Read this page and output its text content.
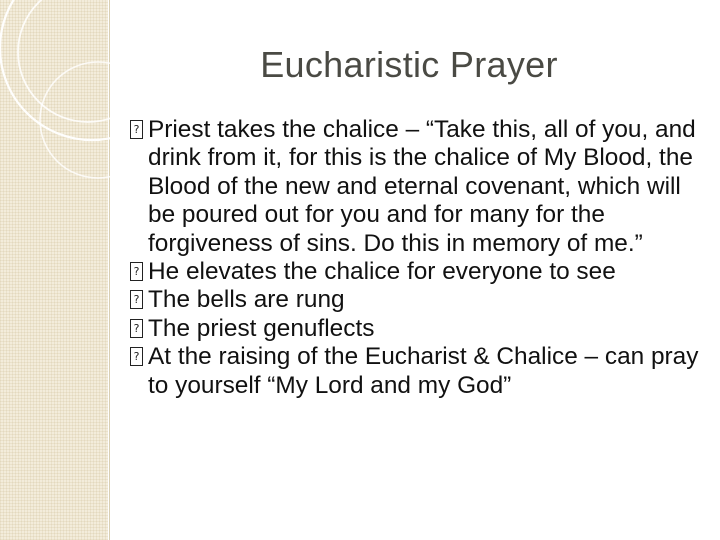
Eucharistic Prayer
?
Priest takes the chalice – “Take this, all of you, and drink from it, for this is the chalice of My Blood, the Blood of the new and eternal covenant, which will be poured out for you and for many for the forgiveness of sins. Do this in memory of me.”
?
He elevates the chalice for everyone to see
?
The bells are rung
?
The priest genuflects
?
At the raising of the Eucharist & Chalice – can pray to yourself “My Lord and my God”
